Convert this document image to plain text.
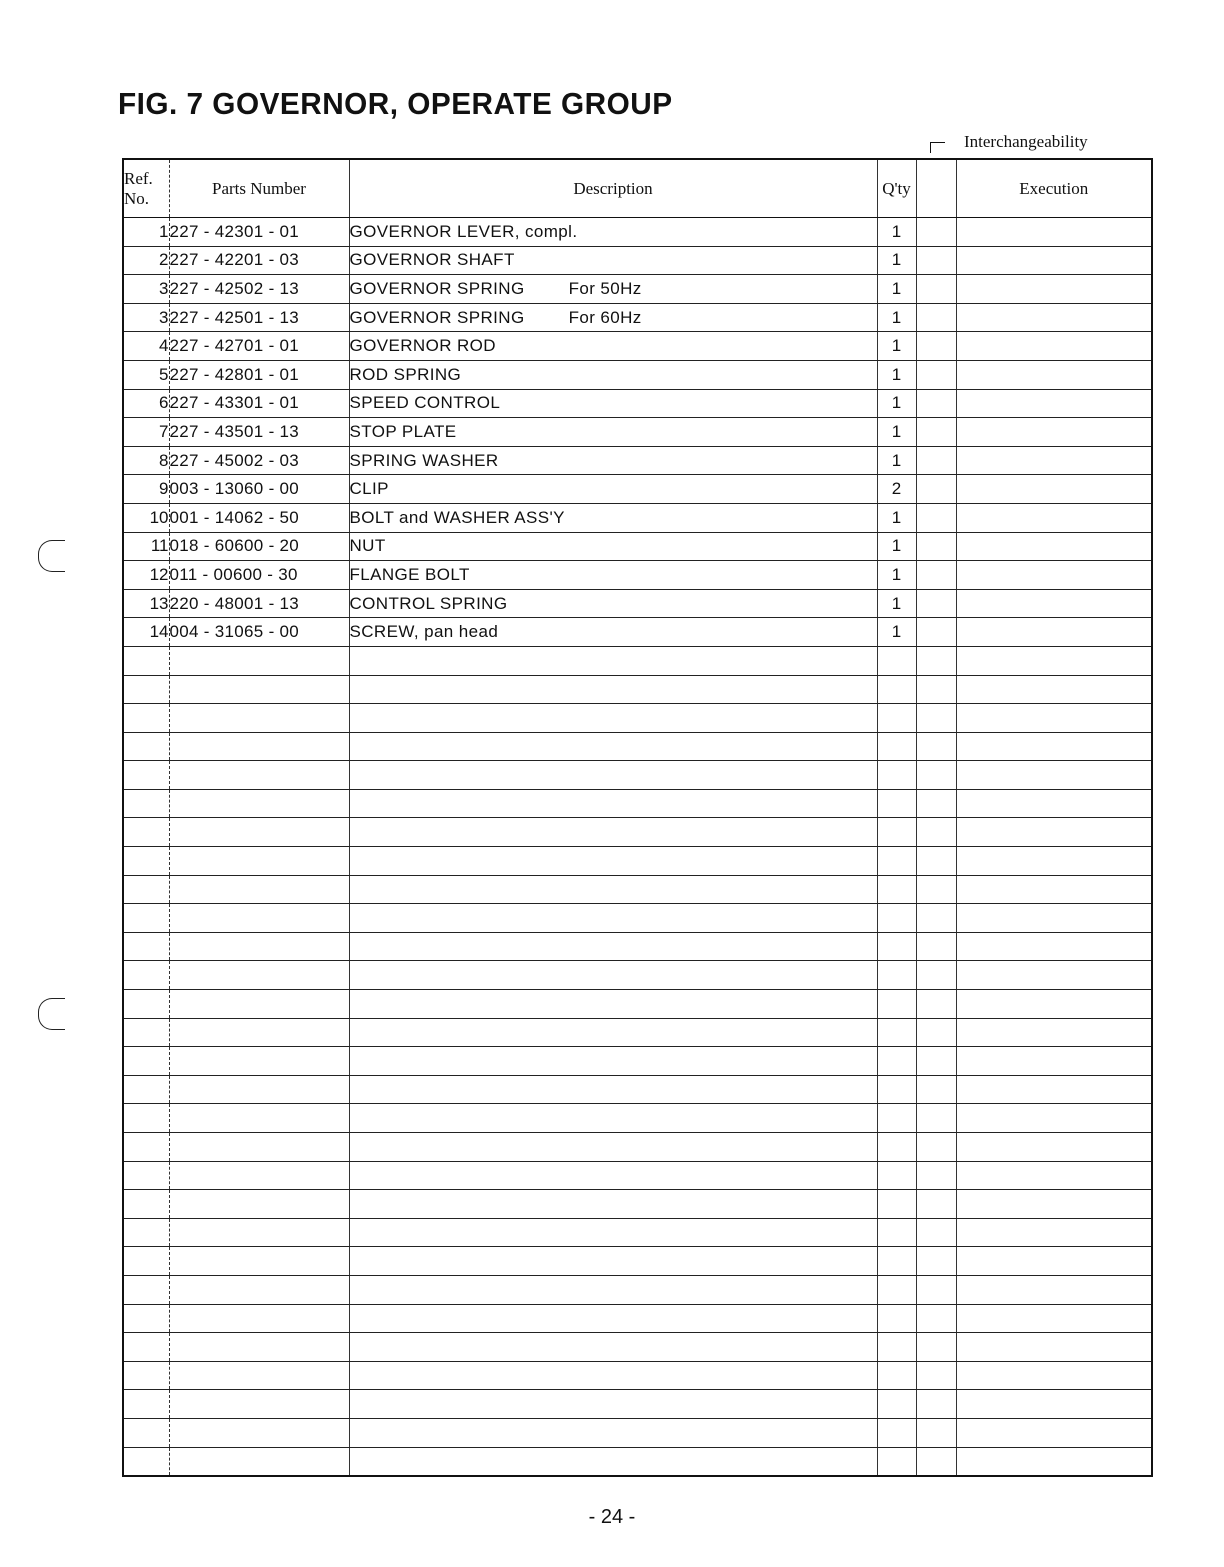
FIG. 7 GOVERNOR, OPERATE GROUP
Interchangeability
Ref.
No.	Parts Number	Description	Q'ty		Execution
1	227 - 42301 - 01	GOVERNOR LEVER, compl.	1		
2	227 - 42201 - 03	GOVERNOR SHAFT	1		
3	227 - 42502 - 13	GOVERNOR SPRING For 50Hz	1		
3	227 - 42501 - 13	GOVERNOR SPRING For 60Hz	1		
4	227 - 42701 - 01	GOVERNOR ROD	1		
5	227 - 42801 - 01	ROD SPRING	1		
6	227 - 43301 - 01	SPEED CONTROL	1		
7	227 - 43501 - 13	STOP PLATE	1		
8	227 - 45002 - 03	SPRING WASHER	1		
9	003 - 13060 - 00	CLIP	2		
10	001 - 14062 - 50	BOLT and WASHER ASS'Y	1		
11	018 - 60600 - 20	NUT	1		
12	011 - 00600 - 30	FLANGE BOLT	1		
13	220 - 48001 - 13	CONTROL SPRING	1		
14	004 - 31065 - 00	SCREW, pan head	1		

- 24 -
